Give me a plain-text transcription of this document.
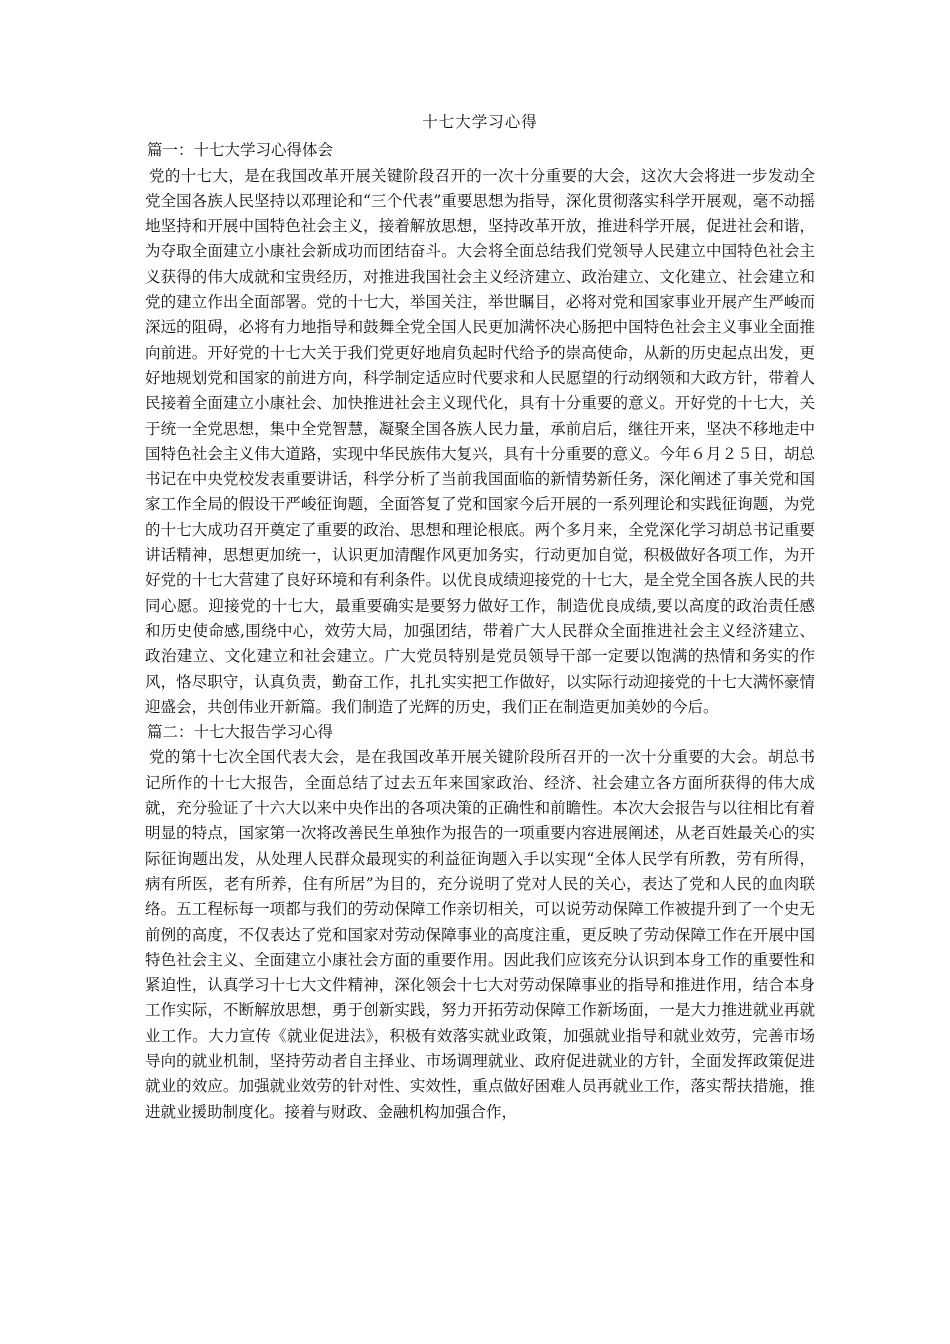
十七大学习心得
篇一：十七大学习心得体会

党的十七大，是在我国改革开展关键阶段召开的一次十分重要的大会，这次大会将进一步发动全党全国各族人民坚持以邓理论和“三个代表”重要思想为指导，深化贯彻落实科学开展观，毫不动摇地坚持和开展中国特色社会主义，接着解放思想，坚持改革开放，推进科学开展，促进社会和谐，为夺取全面建立小康社会新成功而团结奋斗。大会将全面总结我们党领导人民建立中国特色社会主义获得的伟大成就和宝贵经历，对推进我国社会主义经济建立、政治建立、文化建立、社会建立和党的建立作出全面部署。党的十七大，举国关注，举世瞩目，必将对党和国家事业开展产生严峻而深远的阻碍，必将有力地指导和鼓舞全党全国人民更加满怀决心肠把中国特色社会主义事业全面推向前进。开好党的十七大关于我们党更好地肩负起时代给予的崇高使命，从新的历史起点出发，更好地规划党和国家的前进方向，科学制定适应时代要求和人民愿望的行动纲领和大政方针，带着人民接着全面建立小康社会、加快推进社会主义现代化，具有十分重要的意义。开好党的十七大，关于统一全党思想，集中全党智慧，凝聚全国各族人民力量，承前启后，继往开来，坚决不移地走中国特色社会主义伟大道路，实现中华民族伟大复兴，具有十分重要的意义。今年６月２５日，胡总书记在中央党校发表重要讲话，科学分析了当前我国面临的新情势新任务，深化阐述了事关党和国家工作全局的假设干严峻征询题，全面答复了党和国家今后开展的一系列理论和实践征询题，为党的十七大成功召开奠定了重要的政治、思想和理论根底。两个多月来，全党深化学习胡总书记重要讲话精神，思想更加统一，认识更加清醒作风更加务实，行动更加自觉，积极做好各项工作，为开好党的十七大营建了良好环境和有利条件。以优良成绩迎接党的十七大，是全党全国各族人民的共同心愿。迎接党的十七大，最重要确实是要努力做好工作，制造优良成绩,要以高度的政治责任感和历史使命感,围绕中心，效劳大局，加强团结，带着广大人民群众全面推进社会主义经济建立、政治建立、文化建立和社会建立。广大党员特别是党员领导干部一定要以饱满的热情和务实的作风，恪尽职守，认真负责，勤奋工作，扎扎实实把工作做好，以实际行动迎接党的十七大满怀豪情迎盛会，共创伟业开新篇。我们制造了光辉的历史，我们正在制造更加美妙的今后。

篇二：十七大报告学习心得

党的第十七次全国代表大会，是在我国改革开展关键阶段所召开的一次十分重要的大会。胡总书记所作的十七大报告，全面总结了过去五年来国家政治、经济、社会建立各方面所获得的伟大成就，充分验证了十六大以来中央作出的各项决策的正确性和前瞻性。本次大会报告与以往相比有着明显的特点，国家第一次将改善民生单独作为报告的一项重要内容进展阐述，从老百姓最关心的实际征询题出发，从处理人民群众最现实的利益征询题入手以实现“全体人民学有所教，劳有所得，病有所医，老有所养，住有所居”为目的，充分说明了党对人民的关心，表达了党和人民的血肉联络。五工程标每一项都与我们的劳动保障工作亲切相关，可以说劳动保障工作被提升到了一个史无前例的高度，不仅表达了党和国家对劳动保障事业的高度注重，更反映了劳动保障工作在开展中国特色社会主义、全面建立小康社会方面的重要作用。因此我们应该充分认识到本身工作的重要性和紧迫性，认真学习十七大文件精神，深化领会十七大对劳动保障事业的指导和推进作用，结合本身工作实际，不断解放思想，勇于创新实践，努力开拓劳动保障工作新场面，一是大力推进就业再就业工作。大力宣传《就业促进法》，积极有效落实就业政策，加强就业指导和就业效劳，完善市场导向的就业机制，坚持劳动者自主择业、市场调理就业、政府促进就业的方针，全面发挥政策促进就业的效应。加强就业效劳的针对性、实效性，重点做好困难人员再就业工作，落实帮扶措施，推进就业援助制度化。接着与财政、金融机构加强合作，
